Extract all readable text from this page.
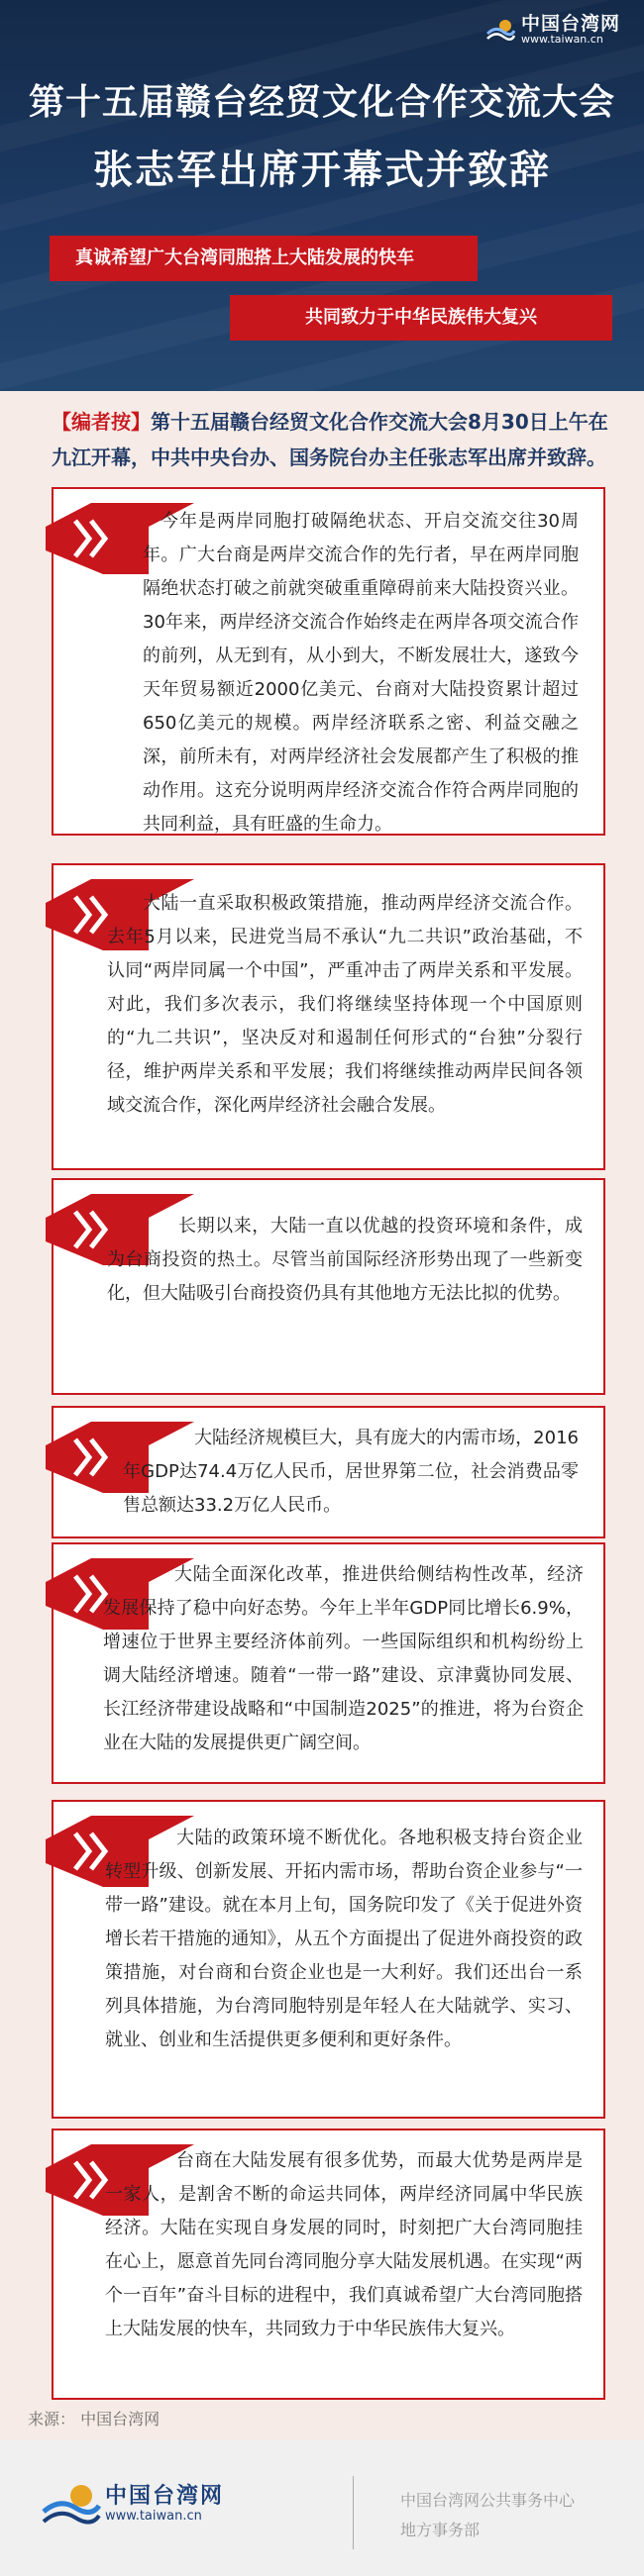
中国台湾网
www.taiwan.cn
第十五届赣台经贸文化合作交流大会
张志军出席开幕式并致辞
真诚希望广大台湾同胞搭上大陆发展的快车
共同致力于中华民族伟大复兴
【编者按】第十五届赣台经贸文化合作交流大会8月30日上午在九江开幕，中共中央台办、国务院台办主任张志军出席并致辞。

今年是两岸同胞打破隔绝状态、开启交流交往30周年。广大台商是两岸交流合作的先行者，早在两岸同胞隔绝状态打破之前就突破重重障碍前来大陆投资兴业。30年来，两岸经济交流合作始终走在两岸各项交流合作的前列，从无到有，从小到大，不断发展壮大，遂致今天年贸易额近2000亿美元、台商对大陆投资累计超过650亿美元的规模。两岸经济联系之密、利益交融之深，前所未有，对两岸经济社会发展都产生了积极的推动作用。这充分说明两岸经济交流合作符合两岸同胞的共同利益，具有旺盛的生命力。

大陆一直采取积极政策措施，推动两岸经济交流合作。去年5月以来，民进党当局不承认“九二共识”政治基础，不认同“两岸同属一个中国”，严重冲击了两岸关系和平发展。对此，我们多次表示，我们将继续坚持体现一个中国原则的“九二共识”，坚决反对和遏制任何形式的“台独”分裂行径，维护两岸关系和平发展；我们将继续推动两岸民间各领域交流合作，深化两岸经济社会融合发展。

长期以来，大陆一直以优越的投资环境和条件，成为台商投资的热土。尽管当前国际经济形势出现了一些新变化，但大陆吸引台商投资仍具有其他地方无法比拟的优势。

大陆经济规模巨大，具有庞大的内需市场，2016年GDP达74.4万亿人民币，居世界第二位，社会消费品零售总额达33.2万亿人民币。

大陆全面深化改革，推进供给侧结构性改革，经济发展保持了稳中向好态势。今年上半年GDP同比增长6.9%，增速位于世界主要经济体前列。一些国际组织和机构纷纷上调大陆经济增速。随着“一带一路”建设、京津冀协同发展、长江经济带建设战略和“中国制造2025”的推进，将为台资企业在大陆的发展提供更广阔空间。

大陆的政策环境不断优化。各地积极支持台资企业转型升级、创新发展、开拓内需市场，帮助台资企业参与“一带一路”建设。就在本月上旬，国务院印发了《关于促进外资增长若干措施的通知》，从五个方面提出了促进外商投资的政策措施，对台商和台资企业也是一大利好。我们还出台一系列具体措施，为台湾同胞特别是年轻人在大陆就学、实习、就业、创业和生活提供更多便利和更好条件。

台商在大陆发展有很多优势，而最大优势是两岸是一家人，是割舍不断的命运共同体，两岸经济同属中华民族经济。大陆在实现自身发展的同时，时刻把广大台湾同胞挂在心上，愿意首先同台湾同胞分享大陆发展机遇。在实现“两个一百年”奋斗目标的进程中，我们真诚希望广大台湾同胞搭上大陆发展的快车，共同致力于中华民族伟大复兴。

来源： 中国台湾网
中国台湾网
www.taiwan.cn
中国台湾网公共事务中心
地方事务部
